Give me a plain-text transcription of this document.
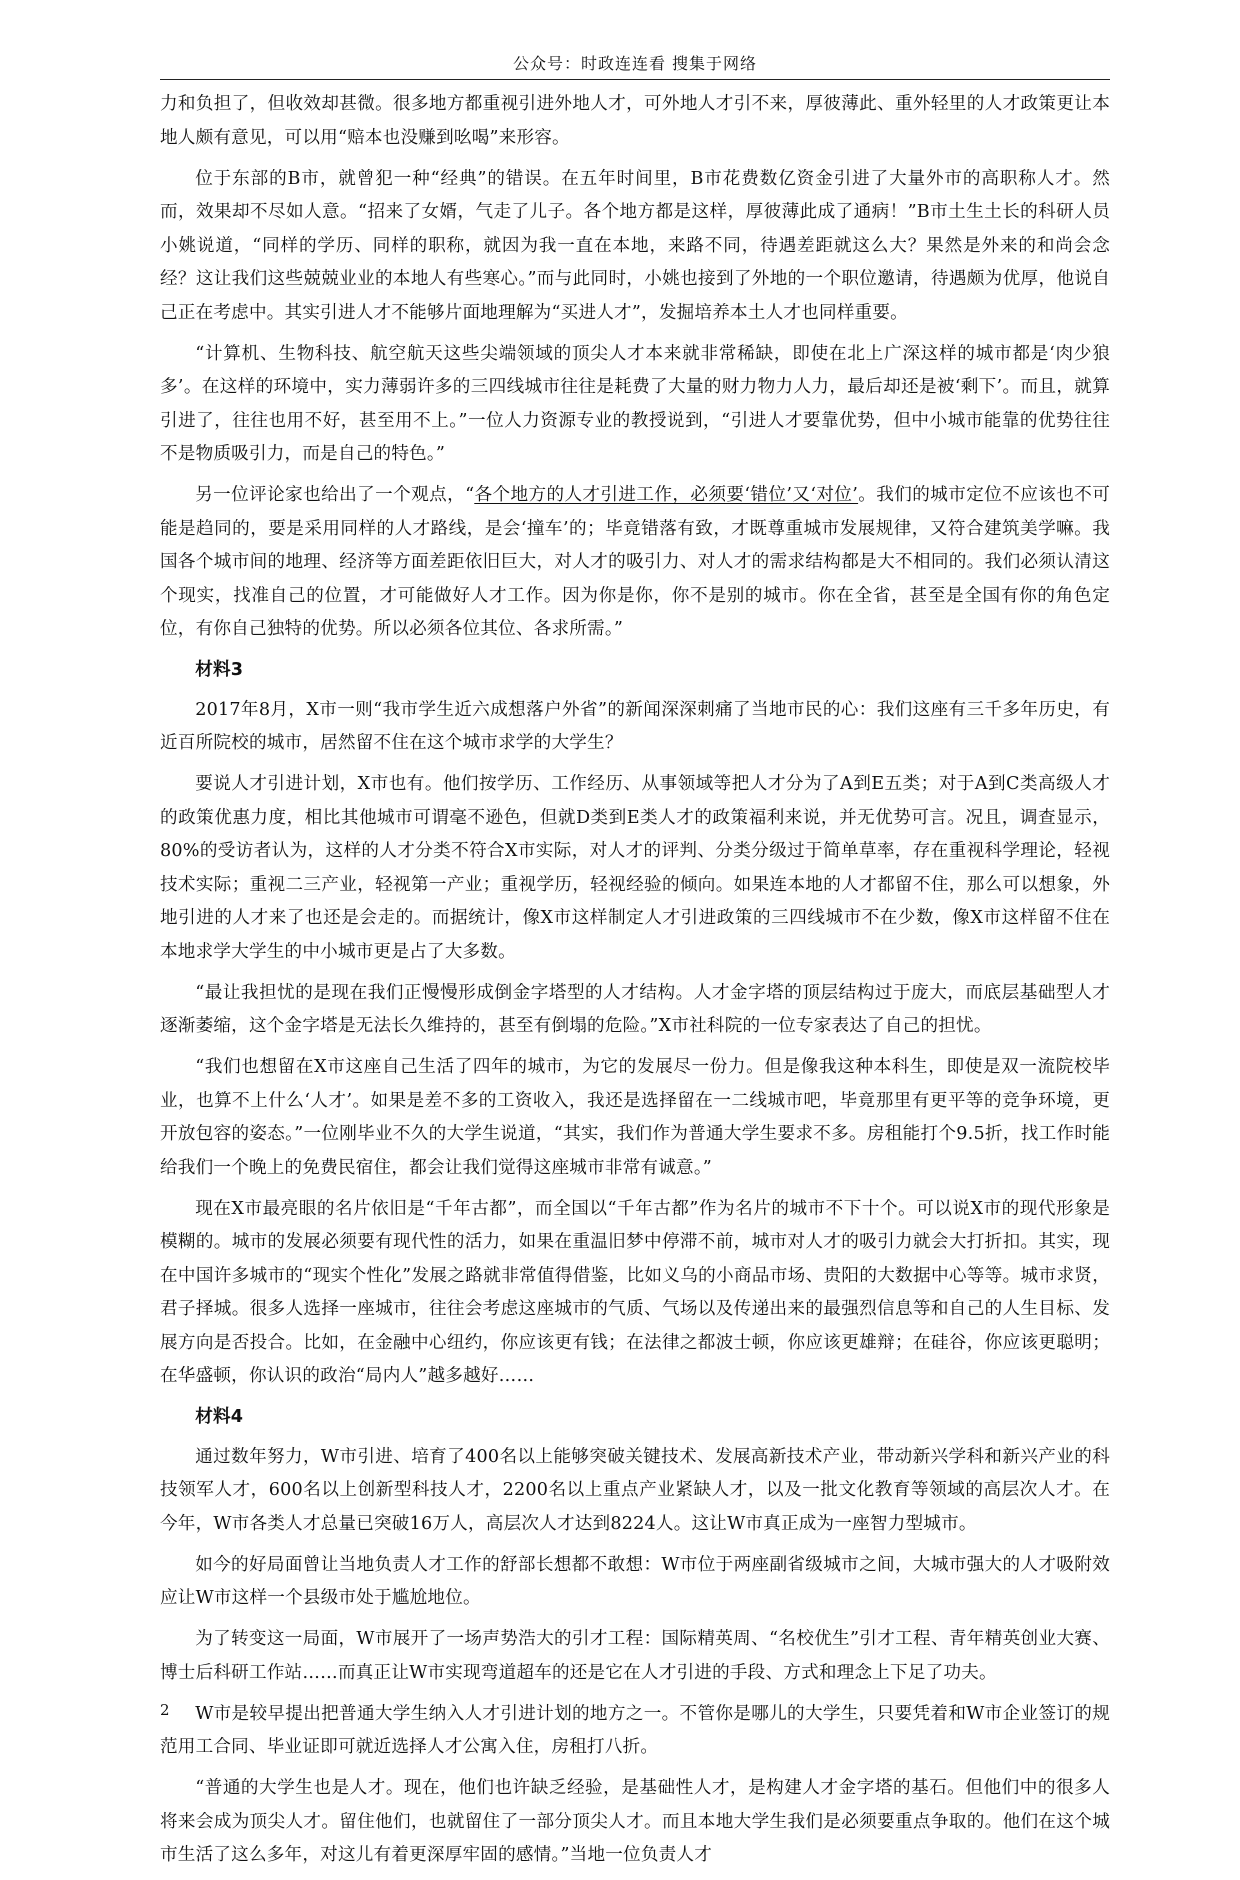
公众号：时政连连看 搜集于网络

力和负担了，但收效却甚微。很多地方都重视引进外地人才，可外地人才引不来，厚彼薄此、重外轻里的人才政策更让本地人颇有意见，可以用“赔本也没赚到吆喝”来形容。

位于东部的B市，就曾犯一种“经典”的错误。在五年时间里，B市花费数亿资金引进了大量外市的高职称人才。然而，效果却不尽如人意。“招来了女婿，气走了儿子。各个地方都是这样，厚彼薄此成了通病！”B市土生土长的科研人员小姚说道，“同样的学历、同样的职称，就因为我一直在本地，来路不同，待遇差距就这么大？果然是外来的和尚会念经？这让我们这些兢兢业业的本地人有些寒心。”而与此同时，小姚也接到了外地的一个职位邀请，待遇颇为优厚，他说自己正在考虑中。其实引进人才不能够片面地理解为“买进人才”，发掘培养本土人才也同样重要。

“计算机、生物科技、航空航天这些尖端领域的顶尖人才本来就非常稀缺，即使在北上广深这样的城市都是‘肉少狼多’。在这样的环境中，实力薄弱许多的三四线城市往往是耗费了大量的财力物力人力，最后却还是被‘剩下’。而且，就算引进了，往往也用不好，甚至用不上。”一位人力资源专业的教授说到，“引进人才要靠优势，但中小城市能靠的优势往往不是物质吸引力，而是自己的特色。”

另一位评论家也给出了一个观点，“各个地方的人才引进工作，必须要‘错位’又‘对位’。我们的城市定位不应该也不可能是趋同的，要是采用同样的人才路线，是会‘撞车’的；毕竟错落有致，才既尊重城市发展规律，又符合建筑美学嘛。我国各个城市间的地理、经济等方面差距依旧巨大，对人才的吸引力、对人才的需求结构都是大不相同的。我们必须认清这个现实，找准自己的位置，才可能做好人才工作。因为你是你，你不是别的城市。你在全省，甚至是全国有你的角色定位，有你自己独特的优势。所以必须各位其位、各求所需。”

材料3

2017年8月，X市一则“我市学生近六成想落户外省”的新闻深深刺痛了当地市民的心：我们这座有三千多年历史，有近百所院校的城市，居然留不住在这个城市求学的大学生？

要说人才引进计划，X市也有。他们按学历、工作经历、从事领域等把人才分为了A到E五类；对于A到C类高级人才的政策优惠力度，相比其他城市可谓毫不逊色，但就D类到E类人才的政策福利来说，并无优势可言。况且，调查显示，80%的受访者认为，这样的人才分类不符合X市实际，对人才的评判、分类分级过于简单草率，存在重视科学理论，轻视技术实际；重视二三产业，轻视第一产业；重视学历，轻视经验的倾向。如果连本地的人才都留不住，那么可以想象，外地引进的人才来了也还是会走的。而据统计，像X市这样制定人才引进政策的三四线城市不在少数，像X市这样留不住在本地求学大学生的中小城市更是占了大多数。

“最让我担忧的是现在我们正慢慢形成倒金字塔型的人才结构。人才金字塔的顶层结构过于庞大，而底层基础型人才逐渐萎缩，这个金字塔是无法长久维持的，甚至有倒塌的危险。”X市社科院的一位专家表达了自己的担忧。

“我们也想留在X市这座自己生活了四年的城市，为它的发展尽一份力。但是像我这种本科生，即使是双一流院校毕业，也算不上什么‘人才’。如果是差不多的工资收入，我还是选择留在一二线城市吧，毕竟那里有更平等的竞争环境，更开放包容的姿态。”一位刚毕业不久的大学生说道，“其实，我们作为普通大学生要求不多。房租能打个9.5折，找工作时能给我们一个晚上的免费民宿住，都会让我们觉得这座城市非常有诚意。”

现在X市最亮眼的名片依旧是“千年古都”，而全国以“千年古都”作为名片的城市不下十个。可以说X市的现代形象是模糊的。城市的发展必须要有现代性的活力，如果在重温旧梦中停滞不前，城市对人才的吸引力就会大打折扣。其实，现在中国许多城市的“现实个性化”发展之路就非常值得借鉴，比如义乌的小商品市场、贵阳的大数据中心等等。城市求贤，君子择城。很多人选择一座城市，往往会考虑这座城市的气质、气场以及传递出来的最强烈信息等和自己的人生目标、发展方向是否投合。比如，在金融中心纽约，你应该更有钱；在法律之都波士顿，你应该更雄辩；在硅谷，你应该更聪明；在华盛顿，你认识的政治“局内人”越多越好……

材料4

通过数年努力，W市引进、培育了400名以上能够突破关键技术、发展高新技术产业，带动新兴学科和新兴产业的科技领军人才，600名以上创新型科技人才，2200名以上重点产业紧缺人才，以及一批文化教育等领域的高层次人才。在今年，W市各类人才总量已突破16万人，高层次人才达到8224人。这让W市真正成为一座智力型城市。

如今的好局面曾让当地负责人才工作的舒部长想都不敢想：W市位于两座副省级城市之间，大城市强大的人才吸附效应让W市这样一个县级市处于尴尬地位。

为了转变这一局面，W市展开了一场声势浩大的引才工程：国际精英周、“名校优生”引才工程、青年精英创业大赛、博士后科研工作站……而真正让W市实现弯道超车的还是它在人才引进的手段、方式和理念上下足了功夫。

W市是较早提出把普通大学生纳入人才引进计划的地方之一。不管你是哪儿的大学生，只要凭着和W市企业签订的规范用工合同、毕业证即可就近选择人才公寓入住，房租打八折。

“普通的大学生也是人才。现在，他们也许缺乏经验，是基础性人才，是构建人才金字塔的基石。但他们中的很多人将来会成为顶尖人才。留住他们，也就留住了一部分顶尖人才。而且本地大学生我们是必须要重点争取的。他们在这个城市生活了这么多年，对这儿有着更深厚牢固的感情。”当地一位负责人才

2
